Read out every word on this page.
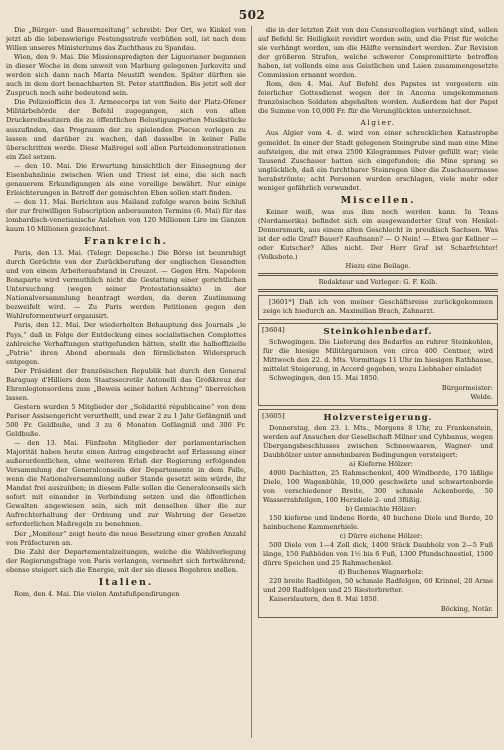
502

Die „Bürger- und Bauernzeitung“ schreibt: Der Ort, wo Kinkel von jetzt ab die lebenswierige Festungsstrafe verbüßen soll, ist nach dem Willen unseres Ministeriums das Zuchthaus zu Spandau.

Wien, den 9. Mai. Die Missionspredigten der Liguorianer begannen in dieser Woche in dem unweit von Marburg gelegenen Jurkovitz und werden sich dann nach Maria Neustift wenden. Später dürften sie auch in dem dort benachbarten St. Peter stattfinden. Bis jetzt soll der Zuspruch noch sehr bedeutend sein.

Die Polizeiofficin des 3. Armeecorps ist von Seite der Platz-Ofener Militärbehörde der Befehl zugegangen, sich von allen Druckereibesitzern die zu öffentlichen Belustigungsorten Musikstücke auszufinden, das Programm der zu spielenden Piecen vorlegen zu lassen und darüber zu wachen, daß dasselbe in keiner Falle überschritten werde. Diese Maßregel soll allen Parteidemonstrationen ein Ziel setzen.

— den 10. Mai. Die Erwartung hinsichtlich der Einsegnung der Eisenbahnlinie zwischen Wien und Triest ist eine, die sich nach genauerem Erkundigungen als eine voreilige bewährt. Nur einige Erleichterungen in Betreff der gemischten Ehen sollen statt finden.

— den 11. Mai. Berichten aus Mailand zufolge waren beim Schluß der zur freiwilligen Subscription anberaumten Termins (6. Mai) für das lombardisch-venetianische Anlehen von 120 Millionen Lire im Ganzen kaum 10 Millionen gezeichnet.

Frankreich.

Paris, den 13. Mai. (Telegr. Depesche.) Die Börse ist beunruhigt durch Gerüchte von der Zurückberufung der englischen Gesandten und von einem Arbeiteraufstand in Creuzot. — Gegen Hrn. Napoleon Bonaparte wird vermuthlich nicht die Gestattung einer gerichtlichen Untersuchung (wegen seiner Protestationsakte) in der Nationalversammlung beantragt werden, da deren Zustimmung bezweifelt wird. — Zu Paris werden Petitionen gegen den Wahlreformentwurf organisirt.

Paris, den 12. Mai. Der wiederholten Behauptung des Journals „le Pays,“ daß in Folge der Entdeckung eines socialistischen Complottes zahlreiche Verhaftungen stattgefunden hätten, stellt die halboffizielle „Patrie“ ihren Abend abermals den förmlichsten Widerspruch entgegen.

Der Präsident der französischen Republik hat durch den General Baraguay d'Hilliers dem Staatssecretär Antonelli das Großkreuz der Ehrenlegionsordens zum „Beweis seiner hohen Achtung“ überreichen lassen.

Gestern wurden 5 Mitglieder der „Solidarité républicaine“ von dem Pariser Assisengericht verurtheilt, und zwar 2 zu 1 Jahr Gefängniß und 500 Fr. Geldbuße, und 3 zu 6 Monaten Gefängniß und 300 Fr. Geldbuße.

— den 13. Mai. Fünfzehn Mitglieder der parlamentarischen Majorität haben heute einen Antrag eingebracht auf Erlassung einer außerordentlichen, ohne weiteren Erlaß der Regierung erfolgenden Versammlung der Generalconseils der Departemente in dem Falle, wenn die Nationalversammlung außer Stande gesetzt sein würde, ihr Mandat frei auszuüben; in diesem Falle sollen die Generalconseils sich sofort mit einander in Verbindung setzen und die öffentlichen Gewalten angewiesen sein, sich mit denselben über die zur Aufrechterhaltung der Ordnung und zur Wahrung der Gesetze erforderlichen Maßregeln zu benehmen.

Der „Moniteur“ zeigt heute die neue Besetzung einer großen Anzahl von Präfecturen an.

Die Zahl der Departementalzeitungen, welche die Wahlverlegung der Regierungsfrage von Paris verlangen, vermehrt sich fortwährend; ebenso steigert sich die Energie, mit der sie dieses Begehren stellen.

Italien.

Rom, den 4. Mai. Die vielen Amtsfußpendirungen

die in der letzten Zeit von den Censurcollegien verhängt sind, sollen auf Befehl Sr. Heiligkeit revidirt worden sein, und die Frist für welche sie verhängt worden, um die Hälfte vermindert werden. Zur Revision der größeren Strafen, welche schwerer Compromittirte betroffen haben, ist vollends eine aus Geistlichen und Laien zusammengesetzte Commission ernannt worden.

Rom, den 4. Mai. Auf Befehl des Papstes ist vorgestern ein feierlicher Gottesdienst wegen der in Ancona umgekommenen französischen Soldaten abgehalten worden. Außerdem hat der Papst die Summe von 10,000 Fr. für die Verunglückten unterzeichnet.

Algier.

Aus Algier vom 4. d. wird von einer schrecklichen Katastrophe gemeldet. In einer der Stadt gelegenen Steingrube sind man eine Mine aufsteigen, die mit etwa 2500 Kilogrammes Pulver gefüllt war; viele Tausend Zuschauer hatten sich eingefunden; die Mine sprang so unglücklich, daß ein furchtbarer Steinregen über die Zuschauermasse herabströmte; acht Personen wurden erschlagen, viele mehr oder weniger gefährlich verwundet.

Miscellen.

Keiner weiß, was aus ihm noch werden kann. In Texas (Nordamerika) befindet sich ein ausgewanderter Graf von Henkel-Donnersmark, aus einem alten Geschlecht in preußisch Sachsen. Was ist der edle Graf? Bauer? Kaufmann? — O Nein! — Etwa gar Kellner — oder Kutscher? Alles nicht. Der Herr Graf ist Scharfrichter! (Volksbote.)

Hiezu eine Beilage.

Redakteur und Verleger: G. F. Kolb.

[3601*] Daß ich von meiner Geschäftsreise zurückgekommen zeige ich hiedurch an. Maximilian Brach, Zahnarzt.

[3604]	Steinkohlenbedarf.

Schwegingen. Die Lieferung des Bedarfes an ruhrer Steinkohlen, für die hiesige Militärgarnison von circa 400 Centner, wird Mittwoch den 22. d. Mts. Vormittags 11 Uhr im hiesigen Rathhause, mittelst Steigerung, in Accord gegeben, wozu Liebhaber einladet

Schwegingen, den 15. Mai 1850.

Bürgermeister:

Welde.

[3605]	Holzversteigerung.

Donnerstag, den 23. l. Mts., Morgens 8 Uhr, zu Frankenstein, werden auf Ansuchen der Gesellschaft Milner und Cyhbanus, wegen Übergangsbeschlusses zwischen Schneewaaren, Wagner- und Daubhölzer unter annehmbaren Bedingungen versteigert:

a) Kieferne Hölzer:

4000 Dachlatten, 25 Rahmschenkel, 400 Windborde, 170 läßlige Diele, 100 Wagenbühle, 10,000 geschwärte und schwartenborde von verschiedener Breite, 300 schmale Ackenborde, 50 Wasserrahfeilgen, 100 Herzdiele 2- und 3füßig.

b) Gemischte Hölzer:

150 kieferne und lindene Borde, 40 buchene Diele und Borde, 20 hainbuchene Kammenrhiele.

c) Dürre eichene Hölzer:

500 Diele von 1—4 Zoll dick, 1400 Stück Daubholz von 2—5 Fuß länge, 150 Faßböden von 1½ bis 6 Fuß, 1300 Pfundschnestiel, 1500 dürre Speichen und 25 Rahmschenkel.

d) Buchenes Wagnerholz:

220 breite Radfelgen, 50 schmale Radfelgen, 60 Krinnel, 20 Arme und 200 Radfelgen und 25 Riesterbretter.

Kaiserslautern, den 8. Mai 1850.

Böcking, Notär.
